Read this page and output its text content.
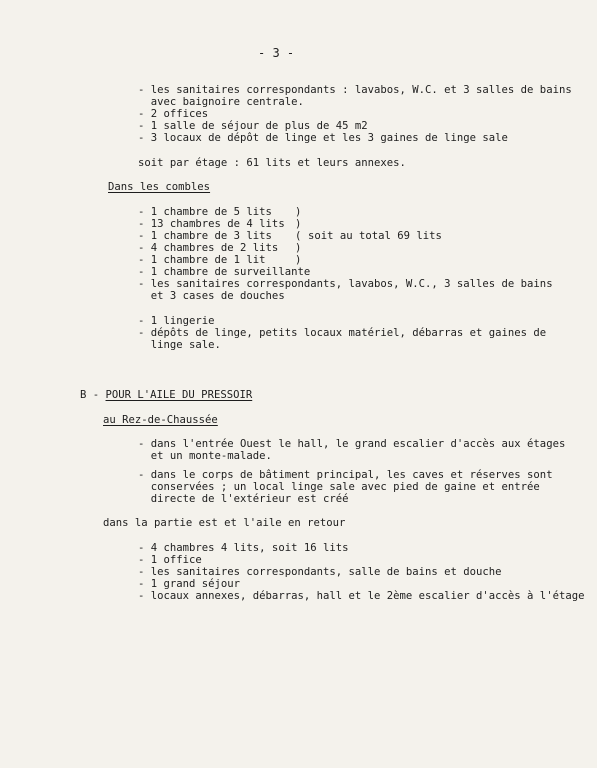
- 3 -
- les sanitaires correspondants : lavabos, W.C. et 3 salles de bains
avec baignoire centrale.
- 2 offices
- 1 salle de séjour de plus de 45 m2
- 3 locaux de dépôt de linge et les 3 gaines de linge sale
soit par étage : 61 lits et leurs annexes.
Dans les combles
- 1 chambre de 5 lits
- 13 chambres de 4 lits
- 1 chambre de 3 lits
- 4 chambres de 2 lits
- 1 chambre de 1 lit
)
)
(
)
)
soit au total 69 lits
- 1 chambre de surveillante
- les sanitaires correspondants, lavabos, W.C., 3 salles de bains
et 3 cases de douches
- 1 lingerie
- dépôts de linge, petits locaux matériel, débarras et gaines de
linge sale.
B - POUR L'AILE DU PRESSOIR
au Rez-de-Chaussée
- dans l'entrée Ouest le hall, le grand escalier d'accès aux étages
et un monte-malade.
- dans le corps de bâtiment principal, les caves et réserves sont
conservées ; un local linge sale avec pied de gaine et entrée
directe de l'extérieur est créé
dans la partie est et l'aile en retour
- 4 chambres 4 lits, soit 16 lits
- 1 office
- les sanitaires correspondants, salle de bains et douche
- 1 grand séjour
- locaux annexes, débarras, hall et le 2ème escalier d'accès à l'étage
